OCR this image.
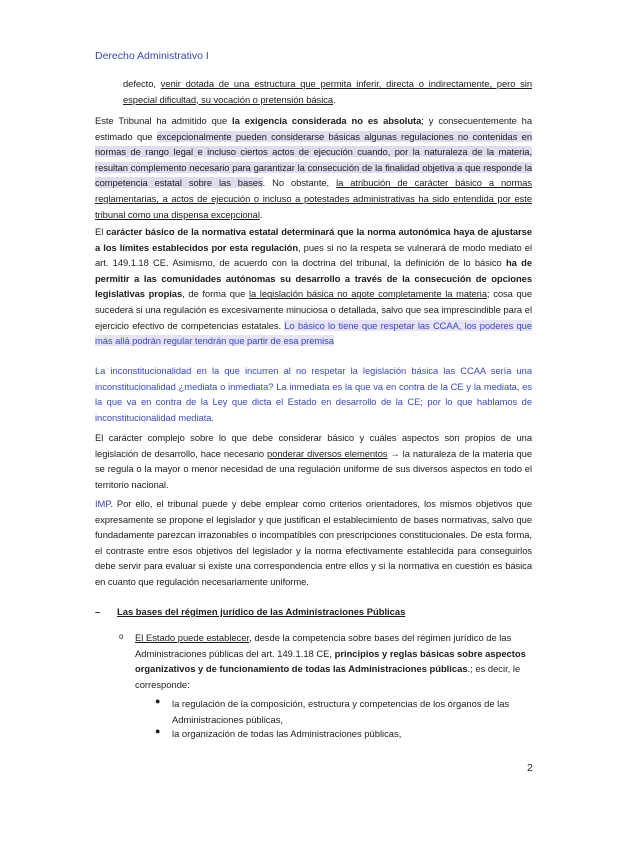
Derecho Administrativo I
defecto, venir dotada de una estructura que permita inferir, directa o indirectamente, pero sin especial dificultad, su vocación o pretensión básica.
Este Tribunal ha admitido que la exigencia considerada no es absoluta; y consecuentemente ha estimado que excepcionalmente pueden considerarse básicas algunas regulaciones no contenidas en normas de rango legal e incluso ciertos actos de ejecución cuando, por la naturaleza de la materia, resultan complemento necesario para garantizar la consecución de la finalidad objetiva a que responde la competencia estatal sobre las bases. No obstante, la atribución de carácter básico a normas reglamentarias, a actos de ejecución o incluso a potestades administrativas ha sido entendida por este tribunal como una dispensa excepcional.
El carácter básico de la normativa estatal determinará que la norma autonómica haya de ajustarse a los límites establecidos por esta regulación, pues si no la respeta se vulnerará de modo mediato el art. 149.1.18 CE. Asimismo, de acuerdo con la doctrina del tribunal, la definición de lo básico ha de permitir a las comunidades autónomas su desarrollo a través de la consecución de opciones legislativas propias, de forma que la legislación básica no agote completamente la materia; cosa que sucederá si una regulación es excesivamente minuciosa o detallada, salvo que sea imprescindible para el ejercicio efectivo de competencias estatales. Lo básico lo tiene que respetar las CCAA, los poderes que más allá podrán regular tendrán que partir de esa premisa
La inconstitucionalidad en la que incurren al no respetar la legislación básica las CCAA sería una inconstitucionalidad ¿mediata o inmediata? La inmediata es la que va en contra de la CE y la mediata, es la que va en contra de la Ley que dicta el Estado en desarrollo de la CE; por lo que hablamos de inconstitucionalidad mediata.
El carácter complejo sobre lo que debe considerar básico y cuáles aspectos son propios de una legislación de desarrollo, hace necesario ponderar diversos elementos → la naturaleza de la materia que se regula o la mayor o menor necesidad de una regulación uniforme de sus diversos aspectos en todo el territorio nacional.
IMP. Por ello, el tribunal puede y debe emplear como criterios orientadores, los mismos objetivos que expresamente se propone el legislador y que justifican el establecimiento de bases normativas, salvo que fundadamente parezcan irrazonables o incompatibles con prescripciones constitucionales. De esta forma, el contraste entre esos objetivos del legislador y la norma efectivamente establecida para conseguirlos debe servir para evaluar si existe una correspondencia entre ellos y si la normativa en cuestión es básica en cuanto que regulación necesariamente uniforme.
– Las bases del régimen jurídico de las Administraciones Públicas
o El Estado puede establecer, desde la competencia sobre bases del régimen jurídico de las Administraciones públicas del art. 149.1.18 CE, principios y reglas básicas sobre aspectos organizativos y de funcionamiento de todas las Administraciones públicas.; es decir, le corresponde:
● la regulación de la composición, estructura y competencias de los órganos de las Administraciones públicas,
● la organización de todas las Administraciones públicas,
2
